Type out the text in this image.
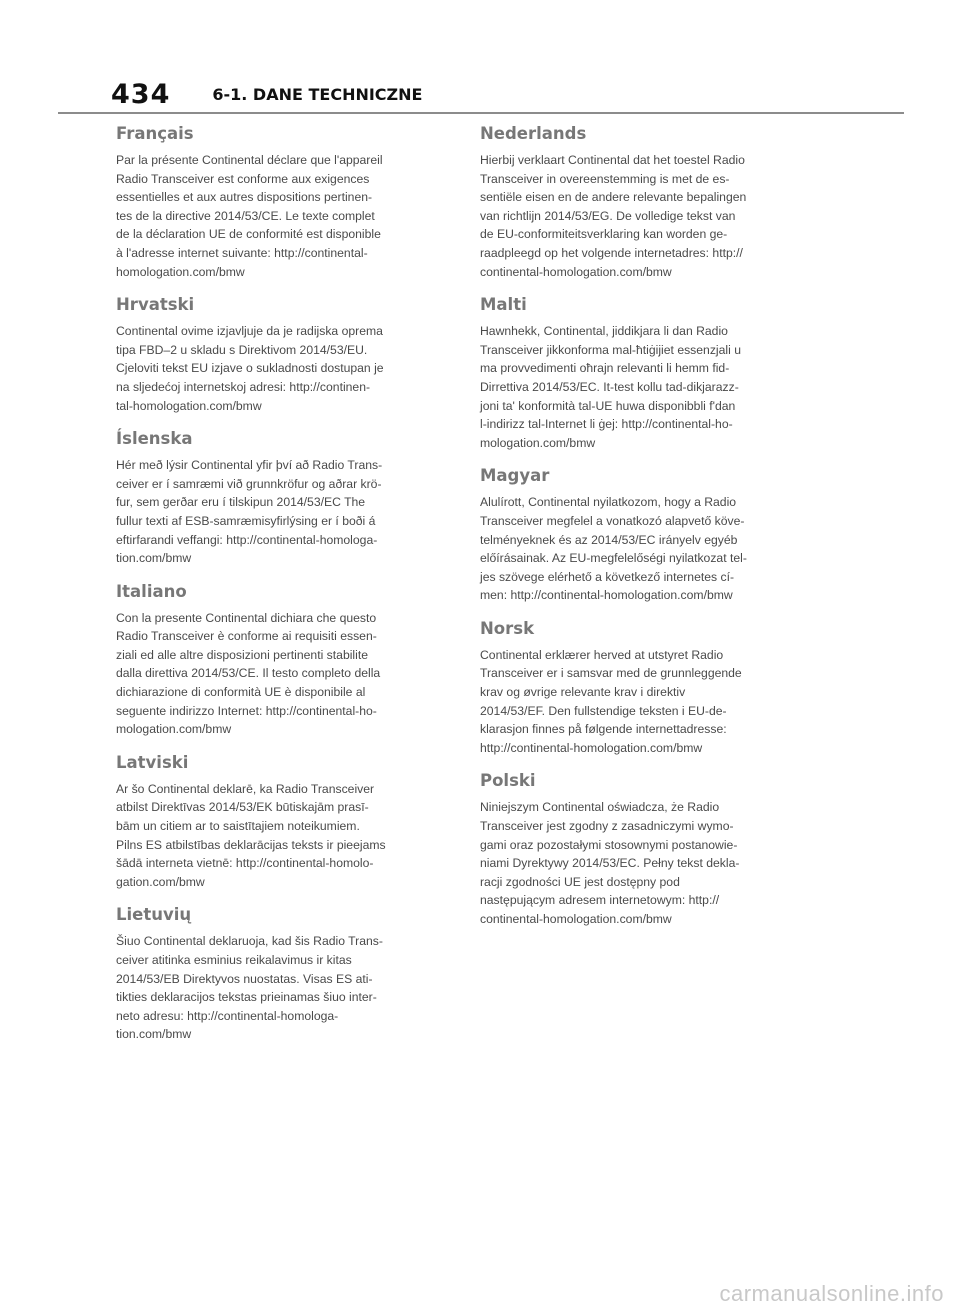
434	6-1. DANE TECHNICZNE
Français

Par la présente Continental déclare que l'appareil
Radio Transceiver est conforme aux exigences
essentielles et aux autres dispositions pertinen-
tes de la directive 2014/53/CE. Le texte complet
de la déclaration UE de conformité est disponible
à l'adresse internet suivante: http://continental-
homologation.com/bmw

Hrvatski

Continental ovime izjavljuje da je radijska oprema
tipa FBD–2 u skladu s Direktivom 2014/53/EU.
Cjeloviti tekst EU izjave o sukladnosti dostupan je
na sljedećoj internetskoj adresi: http://continen-
tal-homologation.com/bmw

Íslenska

Hér með lýsir Continental yfir því að Radio Trans-
ceiver er í samræmi við grunnkröfur og aðrar krö-
fur, sem gerðar eru í tilskipun 2014/53/EC The
fullur texti af ESB-samræmisyfirlýsing er í boði á
eftirfarandi veffangi: http://continental-homologa-
tion.com/bmw

Italiano

Con la presente Continental dichiara che questo
Radio Transceiver è conforme ai requisiti essen-
ziali ed alle altre disposizioni pertinenti stabilite
dalla direttiva 2014/53/CE. Il testo completo della
dichiarazione di conformità UE è disponibile al
seguente indirizzo Internet: http://continental-ho-
mologation.com/bmw

Latviski

Ar šo Continental deklarē, ka Radio Transceiver
atbilst Direktīvas 2014/53/EK būtiskajām prasī-
bām un citiem ar to saistītajiem noteikumiem.
Pilns ES atbilstības deklarācijas teksts ir pieejams
šādā interneta vietnē: http://continental-homolo-
gation.com/bmw

Lietuvių

Šiuo Continental deklaruoja, kad šis Radio Trans-
ceiver atitinka esminius reikalavimus ir kitas
2014/53/EB Direktyvos nuostatas. Visas ES ati-
tikties deklaracijos tekstas prieinamas šiuo inter-
neto adresu: http://continental-homologa-
tion.com/bmw

Nederlands

Hierbij verklaart Continental dat het toestel Radio
Transceiver in overeenstemming is met de es-
sentiële eisen en de andere relevante bepalingen
van richtlijn 2014/53/EG. De volledige tekst van
de EU-conformiteitsverklaring kan worden ge-
raadpleegd op het volgende internetadres: http://
continental-homologation.com/bmw

Malti

Hawnhekk, Continental, jiddikjara li dan Radio
Transceiver jikkonforma mal-ħtiġijiet essenzjali u
ma provvedimenti oħrajn relevanti li hemm fid-
Dirrettiva 2014/53/EC. It-test kollu tad-dikjarazz-
joni ta' konformità tal-UE huwa disponibbli f'dan
l-indirizz tal-Internet li ġej: http://continental-ho-
mologation.com/bmw

Magyar

Alulírott, Continental nyilatkozom, hogy a Radio
Transceiver megfelel a vonatkozó alapvető köve-
telményeknek és az 2014/53/EC irányelv egyéb
előírásainak. Az EU-megfelelőségi nyilatkozat tel-
jes szövege elérhető a következő internetes cí-
men: http://continental-homologation.com/bmw

Norsk

Continental erklærer herved at utstyret Radio
Transceiver er i samsvar med de grunnleggende
krav og øvrige relevante krav i direktiv
2014/53/EF. Den fullstendige teksten i EU-de-
klarasjon finnes på følgende internettadresse:
http://continental-homologation.com/bmw

Polski

Niniejszym Continental oświadcza, że Radio
Transceiver jest zgodny z zasadniczymi wymo-
gami oraz pozostałymi stosownymi postanowie-
niami Dyrektywy 2014/53/EC. Pełny tekst dekla-
racji zgodności UE jest dostępny pod
następującym adresem internetowym: http://
continental-homologation.com/bmw

carmanualsonline.info
